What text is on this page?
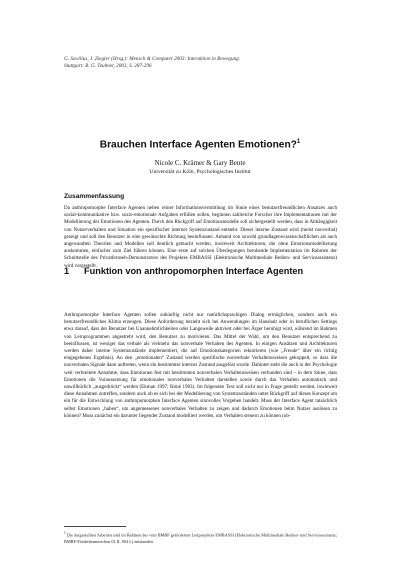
G. Szwillus, J. Ziegler (Hrsg.): Mensch & Computer 2003: Interaktion in Bewegung.
Stuttgart: B. G. Teubner, 2003, S. 287-296
Brauchen Interface Agenten Emotionen?$^1$
Nicole C. Krämer & Gary Bente
Universität zu Köln, Psychologisches Institut
Zusammenfassung
Da anthropomorphe Interface Agenten neben reiner Informationsvermittlung im Sinne eines benutzerfreundlichen Ansatzes auch sozial-kommunikative bzw. sozio-emotionale Aufgaben erfüllen sollen, beginnen zahlreiche Forscher ihre Implementationen mit der Modellierung der Emotionen des Agenten. Durch den Rückgriff auf Emotionsmodelle soll sichergestellt werden, dass in Abhängigkeit von Nutzerverhalten und Situation ein spezifischer interner Systemzustand entsteht. Dieser interne Zustand wird (meist nonverbal) gezeigt und soll den Benutzer in eine gewünschte Richtung beeinflussen. Anhand von sowohl grundlagenwissenschaftlichen als auch angewandten Theorien und Modellen soll deutlich gemacht werden, inwieweit Architekturen, die ohne Emotionsmodellierung auskommen, einfacher zum Ziel führen können. Eine erste auf solchen Überlegungen beruhende Implementation im Rahmen der Schnittstelle des Privatfernseh-Demonstrators des Projektes EMBASSI (Elektronische Multimediale Bedien- und Serviceassistenz) wird vorgestellt.
1 Funktion von anthropomorphen Interface Agenten
Anthropomorphe Interface Agenten sollen zukünftig nicht nur natürlichsprachigen Dialog ermöglichen, sondern auch ein benutzerfreundliches Klima erzeugen. Diese Anforderung bezieht sich bei Anwendungen im Haushalt oder in beruflichen Settings etwa darauf, dass der Benutzer bei Unannehmlichkeiten oder Langeweile aktiviert oder bei Ärger beruhigt wird, während im Rahmen von Lernprogrammen angestrebt wird, den Benutzer zu motivieren. Das Mittel der Wahl, um den Benutzer entsprechend zu beeinflussen, ist weniger das verbale als vielmehr das nonverbale Verhalten des Agenten. In einigen Ansätzen und Architekturen werden daher interne Systemzustände implementiert, die auf Emotionskategorien rekurrieren (wie „Freude“ über ein richtig eingegebenes Ergebnis). An den „emotionalen“ Zustand werden spezifische nonverbale Verhaltensweisen gekoppelt, so dass die nonverbalen Signale dann auftreten, wenn ein bestimmter interner Zustand ausgelöst wurde. Dahinter steht die auch in der Psychologie weit verbreitete Annahme, dass Emotionen fest mit bestimmten nonverbalen Verhaltensweisen verbunden sind – in dem Sinne, dass Emotionen die Voraussetzung für emotionales nonverbales Verhalten darstellen sowie durch das Verhalten automatisch und unwillkürlich „ausgedrückt“ werden (Ekman 1997; Rimé 1983). Im folgenden Text soll nicht nur in Frage gestellt werden, inwieweit diese Annahmen zutreffen, sondern auch ob es sich bei der Modellierung von Systemzuständen unter Rückgriff auf dieses Konzept um ein für die Entwicklung von anthropomorphen Interface Agenten sinnvolles Vorgehen handelt. Muss der Interface Agent tatsächlich selbst Emotionen „haben“, um angemessenes nonverbales Verhalten zu zeigen und dadurch Emotionen beim Nutzer auslösen zu können? Muss zunächst ein darunter liegender Zustand modelliert werden, um Verhalten steuern zu können (ob-
$^1$ Die dargestellten Arbeiten sind im Rahmen des vom BMBF geförderten Leitprojektes EMBASSI (Elektronische Multimediale Bedien- und Serviceassistenz; BMBF-Förderkennzeichen 01 IL 904 L) entstanden.
